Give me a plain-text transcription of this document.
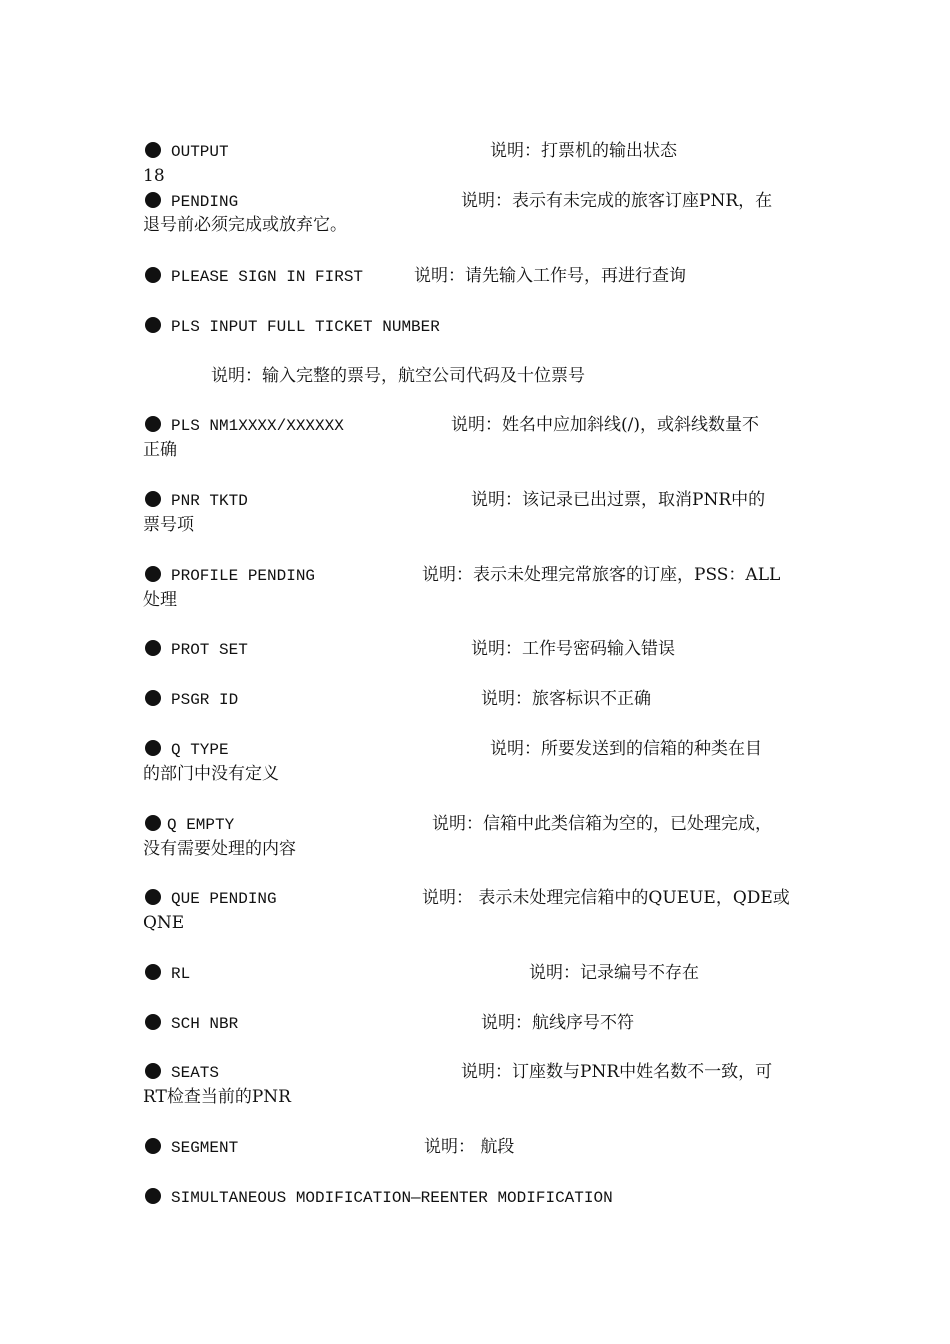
OUTPUT	说明：打票机的输出状态
18
PENDING	说明：表示有未完成的旅客订座PNR，在
退号前必须完成或放弃它。
PLEASE SIGN IN FIRST	说明：请先输入工作号，再进行查询
PLS INPUT FULL TICKET NUMBER
说明：输入完整的票号，航空公司代码及十位票号
PLS NM1XXXX/XXXXXX	说明：姓名中应加斜线(/)，或斜线数量不
正确
PNR TKTD	说明：该记录已出过票，取消PNR中的
票号项
PROFILE PENDING	说明：表示未处理完常旅客的订座，PSS：ALL
处理
PROT SET	说明：工作号密码输入错误
PSGR ID	说明：旅客标识不正确
Q TYPE	说明：所要发送到的信箱的种类在目
的部门中没有定义
Q EMPTY	说明：信箱中此类信箱为空的，已处理完成，
没有需要处理的内容
QUE PENDING	说明： 表示未处理完信箱中的QUEUE，QDE或
QNE
RL	说明：记录编号不存在
SCH NBR	说明：航线序号不符
SEATS	说明：订座数与PNR中姓名数不一致，可
RT检查当前的PNR
SEGMENT	说明： 航段
SIMULTANEOUS MODIFICATION—REENTER MODIFICATION
